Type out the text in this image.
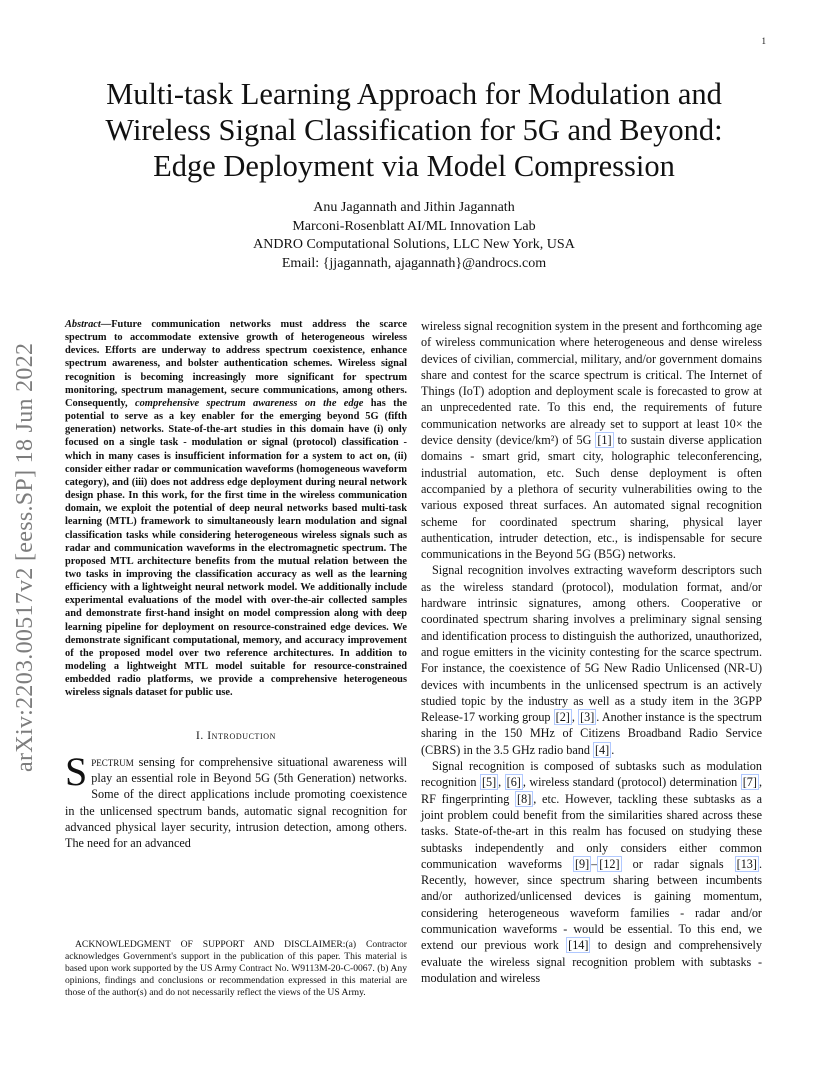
1
Multi-task Learning Approach for Modulation and
Wireless Signal Classification for 5G and Beyond:
Edge Deployment via Model Compression
Anu Jagannath and Jithin Jagannath
Marconi-Rosenblatt AI/ML Innovation Lab
ANDRO Computational Solutions, LLC New York, USA
Email: {jjagannath, ajagannath}@androcs.com
arXiv:2203.00517v2 [eess.SP] 18 Jun 2022

Abstract—Future communication networks must address the scarce spectrum to accommodate extensive growth of heterogeneous wireless devices. Efforts are underway to address spectrum coexistence, enhance spectrum awareness, and bolster authentication schemes. Wireless signal recognition is becoming increasingly more significant for spectrum monitoring, spectrum management, secure communications, among others. Consequently, comprehensive spectrum awareness on the edge has the potential to serve as a key enabler for the emerging beyond 5G (fifth generation) networks. State-of-the-art studies in this domain have (i) only focused on a single task - modulation or signal (protocol) classification - which in many cases is insufficient information for a system to act on, (ii) consider either radar or communication waveforms (homogeneous waveform category), and (iii) does not address edge deployment during neural network design phase. In this work, for the first time in the wireless communication domain, we exploit the potential of deep neural networks based multi-task learning (MTL) framework to simultaneously learn modulation and signal classification tasks while considering heterogeneous wireless signals such as radar and communication waveforms in the electromagnetic spectrum. The proposed MTL architecture benefits from the mutual relation between the two tasks in improving the classification accuracy as well as the learning efficiency with a lightweight neural network model. We additionally include experimental evaluations of the model with over-the-air collected samples and demonstrate first-hand insight on model compression along with deep learning pipeline for deployment on resource-constrained edge devices. We demonstrate significant computational, memory, and accuracy improvement of the proposed model over two reference architectures. In addition to modeling a lightweight MTL model suitable for resource-constrained embedded radio platforms, we provide a comprehensive heterogeneous wireless signals dataset for public use.

I. Introduction

Spectrum sensing for comprehensive situational awareness will play an essential role in Beyond 5G (5th Generation) networks. Some of the direct applications include promoting coexistence in the unlicensed spectrum bands, automatic signal recognition for advanced physical layer security, intrusion detection, among others. The need for an advanced

ACKNOWLEDGMENT OF SUPPORT AND DISCLAIMER:(a) Contractor acknowledges Government's support in the publication of this paper. This material is based upon work supported by the US Army Contract No. W9113M-20-C-0067. (b) Any opinions, findings and conclusions or recommendation expressed in this material are those of the author(s) and do not necessarily reflect the views of the US Army.

wireless signal recognition system in the present and forthcoming age of wireless communication where heterogeneous and dense wireless devices of civilian, commercial, military, and/or government domains share and contest for the scarce spectrum is critical. The Internet of Things (IoT) adoption and deployment scale is forecasted to grow at an unprecedented rate. To this end, the requirements of future communication networks are already set to support at least 10× the device density (device/km²) of 5G [1] to sustain diverse application domains - smart grid, smart city, holographic teleconferencing, industrial automation, etc. Such dense deployment is often accompanied by a plethora of security vulnerabilities owing to the various exposed threat surfaces. An automated signal recognition scheme for coordinated spectrum sharing, physical layer authentication, intruder detection, etc., is indispensable for secure communications in the Beyond 5G (B5G) networks.

Signal recognition involves extracting waveform descriptors such as the wireless standard (protocol), modulation format, and/or hardware intrinsic signatures, among others. Cooperative or coordinated spectrum sharing involves a preliminary signal sensing and identification process to distinguish the authorized, unauthorized, and rogue emitters in the vicinity contesting for the scarce spectrum. For instance, the coexistence of 5G New Radio Unlicensed (NR-U) devices with incumbents in the unlicensed spectrum is an actively studied topic by the industry as well as a study item in the 3GPP Release-17 working group [2] , [3] . Another instance is the spectrum sharing in the 150 MHz of Citizens Broadband Radio Service (CBRS) in the 3.5 GHz radio band [4] .

Signal recognition is composed of subtasks such as modulation recognition [5] , [6] , wireless standard (protocol) determination [7] , RF fingerprinting [8] , etc. However, tackling these subtasks as a joint problem could benefit from the similarities shared across these tasks. State-of-the-art in this realm has focused on studying these subtasks independently and only considers either common communication waveforms [9] – [12] or radar signals [13] . Recently, however, since spectrum sharing between incumbents and/or authorized/unlicensed devices is gaining momentum, considering heterogeneous waveform families - radar and/or communication waveforms - would be essential. To this end, we extend our previous work [14] to design and comprehensively evaluate the wireless signal recognition problem with subtasks - modulation and wireless
